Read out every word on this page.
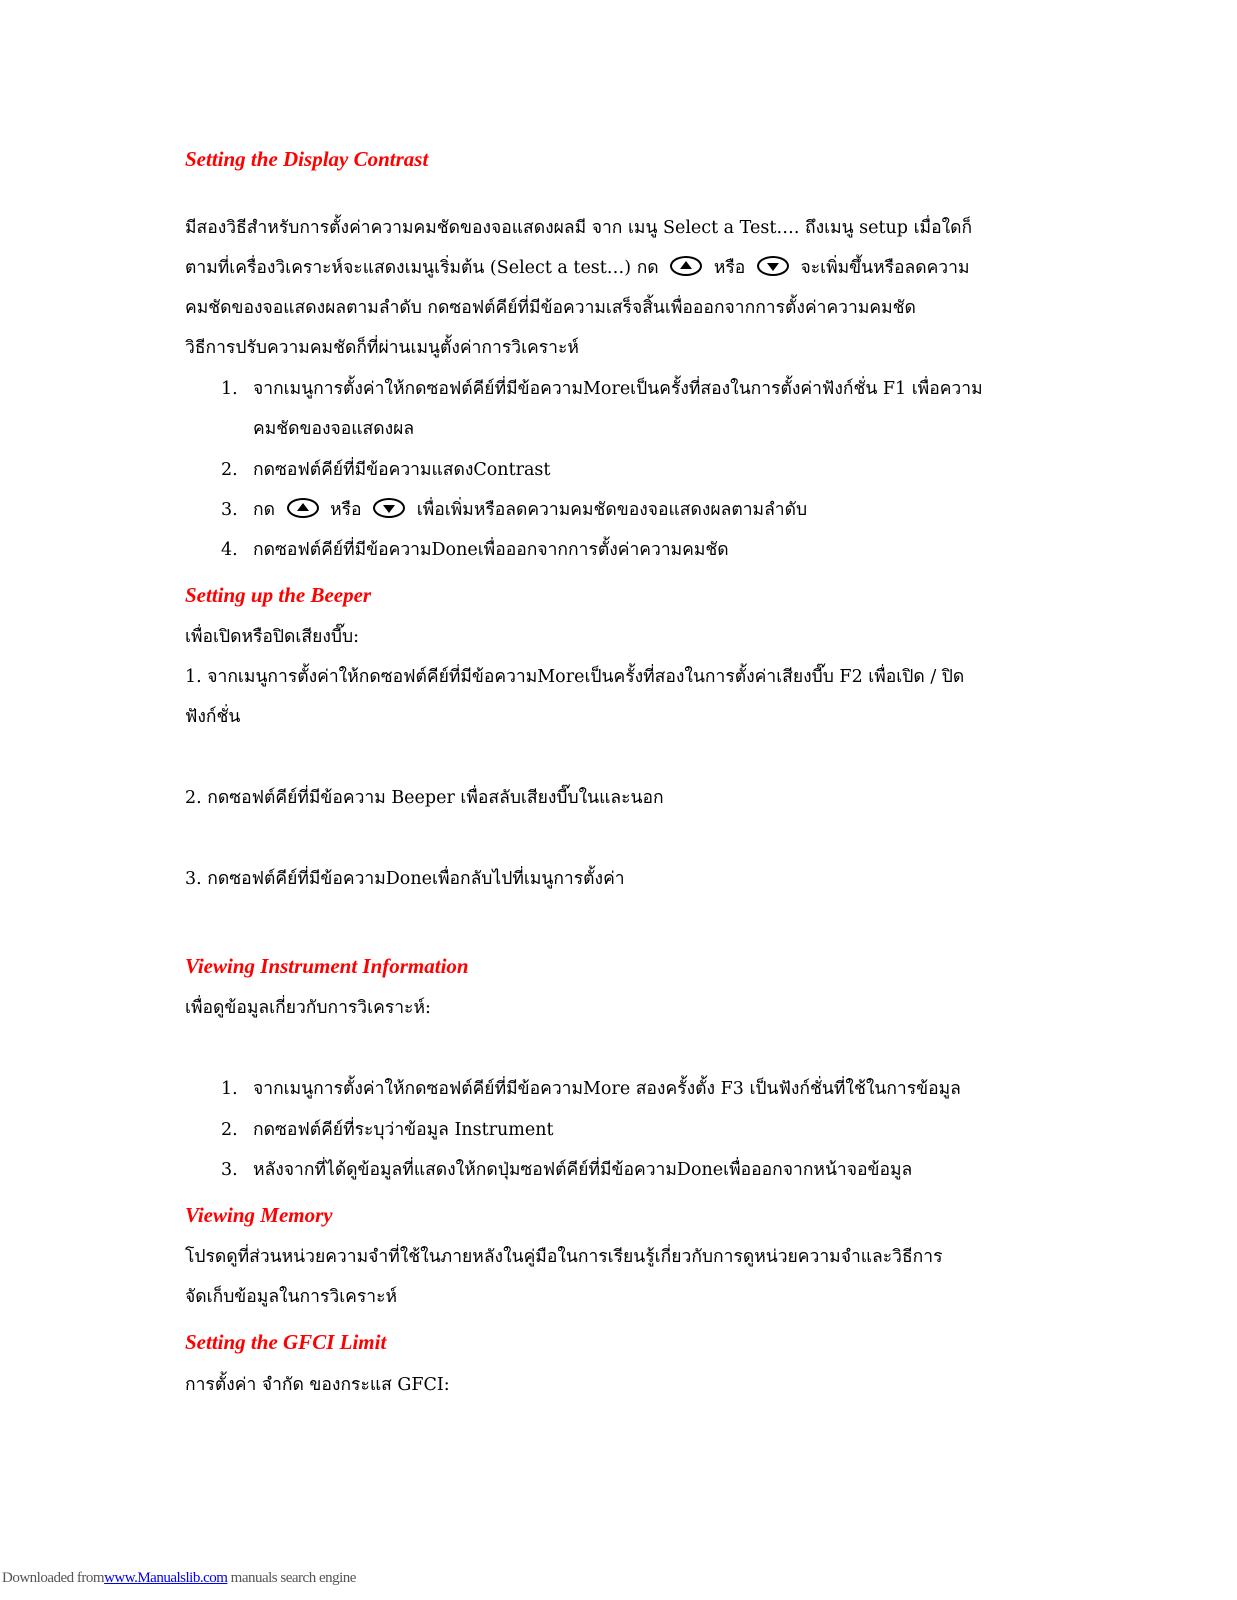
Setting the Display Contrast
มีสองวิธีสำหรับการตั้งค่าความคมชัดของจอแสดงผลมี จาก เมนู Select a Test…. ถึงเมนู setup เมื่อใดก็
ตามที่เครื่องวิเคราะห์จะแสดงเมนูเริ่มต้น (Select a test…) กด	หรือ	จะเพิ่มขึ้นหรือลดความ
คมชัดของจอแสดงผลตามลำดับ กดซอฟต์คีย์ที่มีข้อความเสร็จสิ้นเพื่อออกจากการตั้งค่าความคมชัด
วิธีการปรับความคมชัดก็ที่ผ่านเมนูตั้งค่าการวิเคราะห์
1. จากเมนูการตั้งค่าให้กดซอฟต์คีย์ที่มีข้อความMoreเป็นครั้งที่สองในการตั้งค่าฟังก์ชั่น F1 เพื่อความ
คมชัดของจอแสดงผล
2. กดซอฟต์คีย์ที่มีข้อความแสดงContrast
3. กด	หรือ	เพื่อเพิ่มหรือลดความคมชัดของจอแสดงผลตามลำดับ
4. กดซอฟต์คีย์ที่มีข้อความDoneเพื่อออกจากการตั้งค่าความคมชัด
Setting up the Beeper
เพื่อเปิดหรือปิดเสียงบี๊บ:
1. จากเมนูการตั้งค่าให้กดซอฟต์คีย์ที่มีข้อความMoreเป็นครั้งที่สองในการตั้งค่าเสียงบี๊บ F2 เพื่อเปิด / ปิด
ฟังก์ชั่น
2. กดซอฟต์คีย์ที่มีข้อความ Beeper เพื่อสลับเสียงบี๊บในและนอก
3. กดซอฟต์คีย์ที่มีข้อความDoneเพื่อกลับไปที่เมนูการตั้งค่า
Viewing Instrument Information
เพื่อดูข้อมูลเกี่ยวกับการวิเคราะห์:
1. จากเมนูการตั้งค่าให้กดซอฟต์คีย์ที่มีข้อความMore สองครั้งตั้ง F3 เป็นฟังก์ชั่นที่ใช้ในการข้อมูล
2. กดซอฟต์คีย์ที่ระบุว่าข้อมูล Instrument
3. หลังจากที่ได้ดูข้อมูลที่แสดงให้กดปุ่มซอฟต์คีย์ที่มีข้อความDoneเพื่อออกจากหน้าจอข้อมูล
Viewing Memory
โปรดดูที่ส่วนหน่วยความจำที่ใช้ในภายหลังในคู่มือในการเรียนรู้เกี่ยวกับการดูหน่วยความจำและวิธีการ
จัดเก็บข้อมูลในการวิเคราะห์
Setting the GFCI Limit
การตั้งค่า จำกัด ของกระแส GFCI:
Downloaded fromwww.Manualslib.com manuals search engine
